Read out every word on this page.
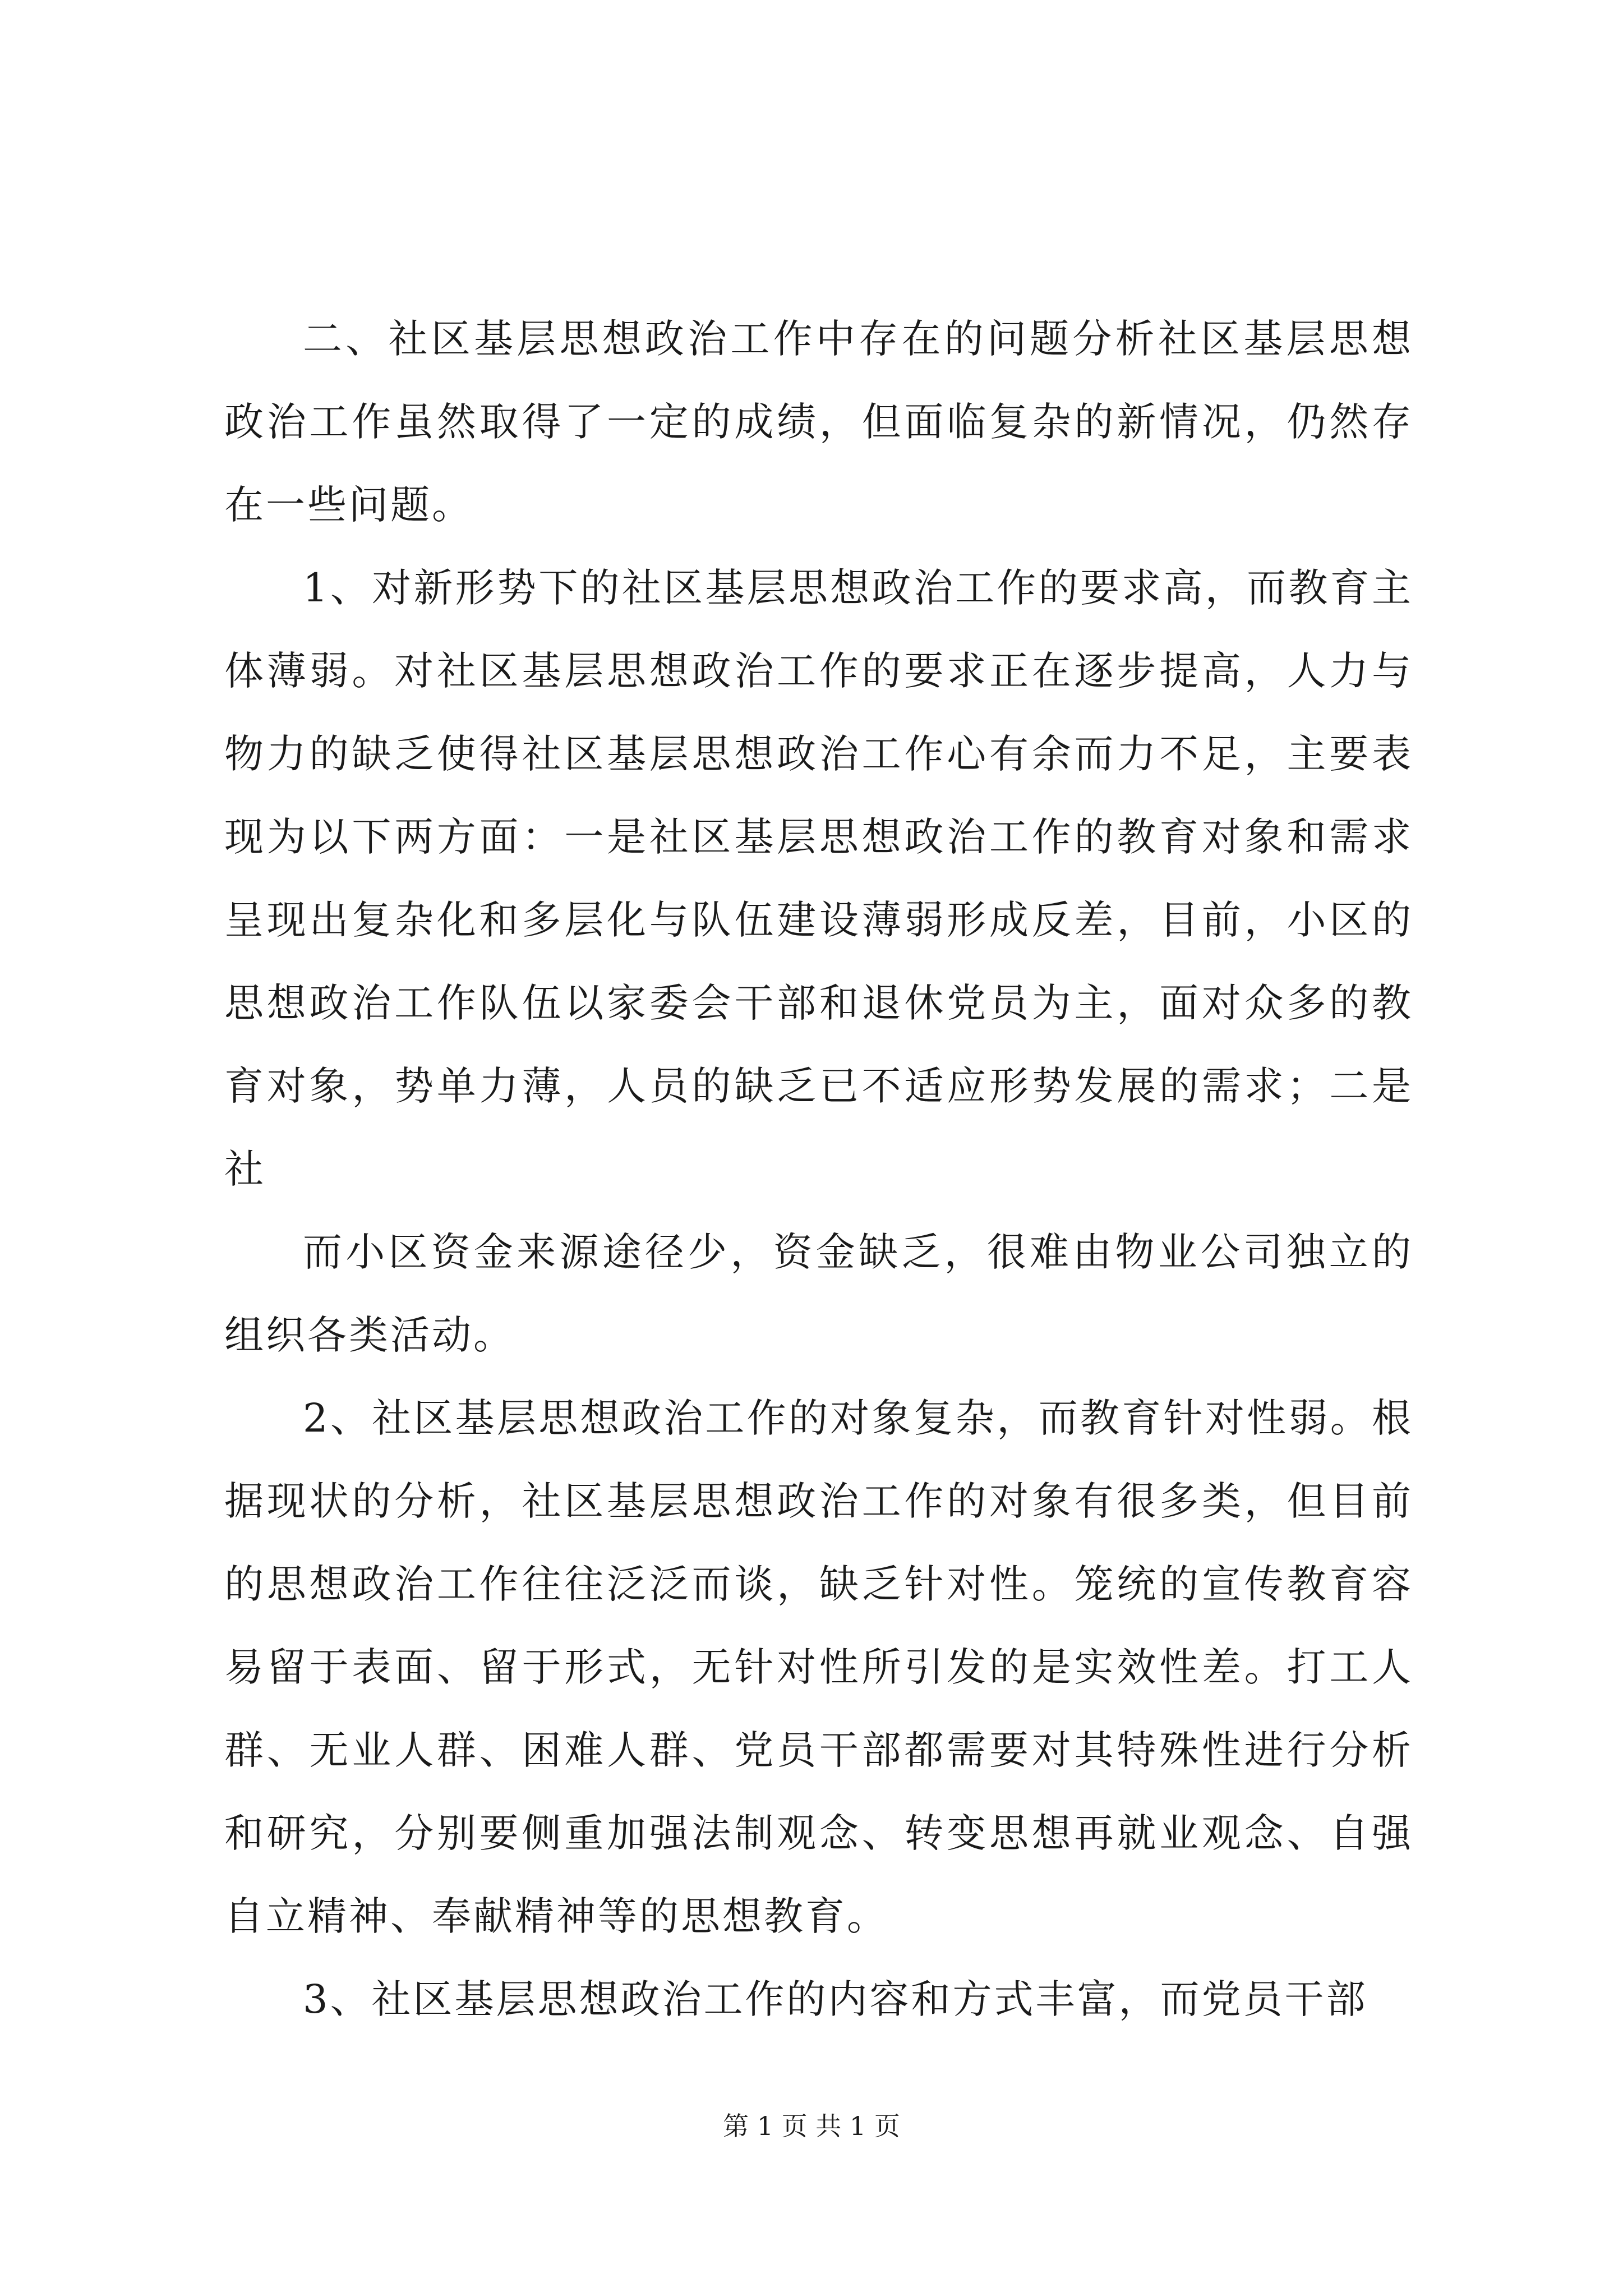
二、社区基层思想政治工作中存在的问题分析社区基层思想政治工作虽然取得了一定的成绩，但面临复杂的新情况，仍然存在一些问题。

1、对新形势下的社区基层思想政治工作的要求高，而教育主体薄弱。对社区基层思想政治工作的要求正在逐步提高，人力与物力的缺乏使得社区基层思想政治工作心有余而力不足，主要表现为以下两方面：一是社区基层思想政治工作的教育对象和需求呈现出复杂化和多层化与队伍建设薄弱形成反差，目前，小区的思想政治工作队伍以家委会干部和退休党员为主，面对众多的教育对象，势单力薄，人员的缺乏已不适应形势发展的需求；二是社

而小区资金来源途径少，资金缺乏，很难由物业公司独立的组织各类活动。

2、社区基层思想政治工作的对象复杂，而教育针对性弱。根据现状的分析，社区基层思想政治工作的对象有很多类，但目前的思想政治工作往往泛泛而谈，缺乏针对性。笼统的宣传教育容易留于表面、留于形式，无针对性所引发的是实效性差。打工人群、无业人群、困难人群、党员干部都需要对其特殊性进行分析和研究，分别要侧重加强法制观念、转变思想再就业观念、自强自立精神、奉献精神等的思想教育。

3、社区基层思想政治工作的内容和方式丰富，而党员干部

第 1 页 共 1 页
